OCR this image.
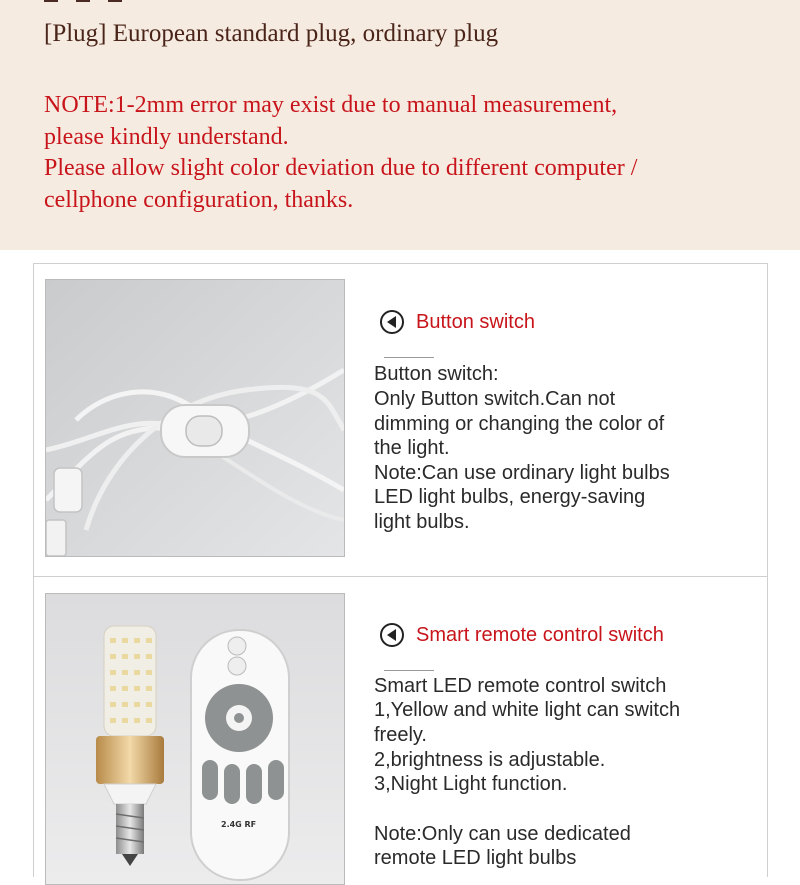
[Plug] European standard plug, ordinary plug
NOTE:1-2mm error may exist due to manual measurement,
please kindly understand.
Please allow slight color deviation due to different computer /
cellphone configuration, thanks.
Button switch
Button switch:
Only Button switch.Can not
dimming or changing the color of
the light.
Note:Can use ordinary light bulbs
LED light bulbs, energy-saving
light bulbs.
2.4G RF
Smart remote control switch
Smart LED remote control switch
1,Yellow and white light can switch
freely.
2,brightness is adjustable.
3,Night Light function.
Note:Only can use dedicated
remote LED light bulbs
